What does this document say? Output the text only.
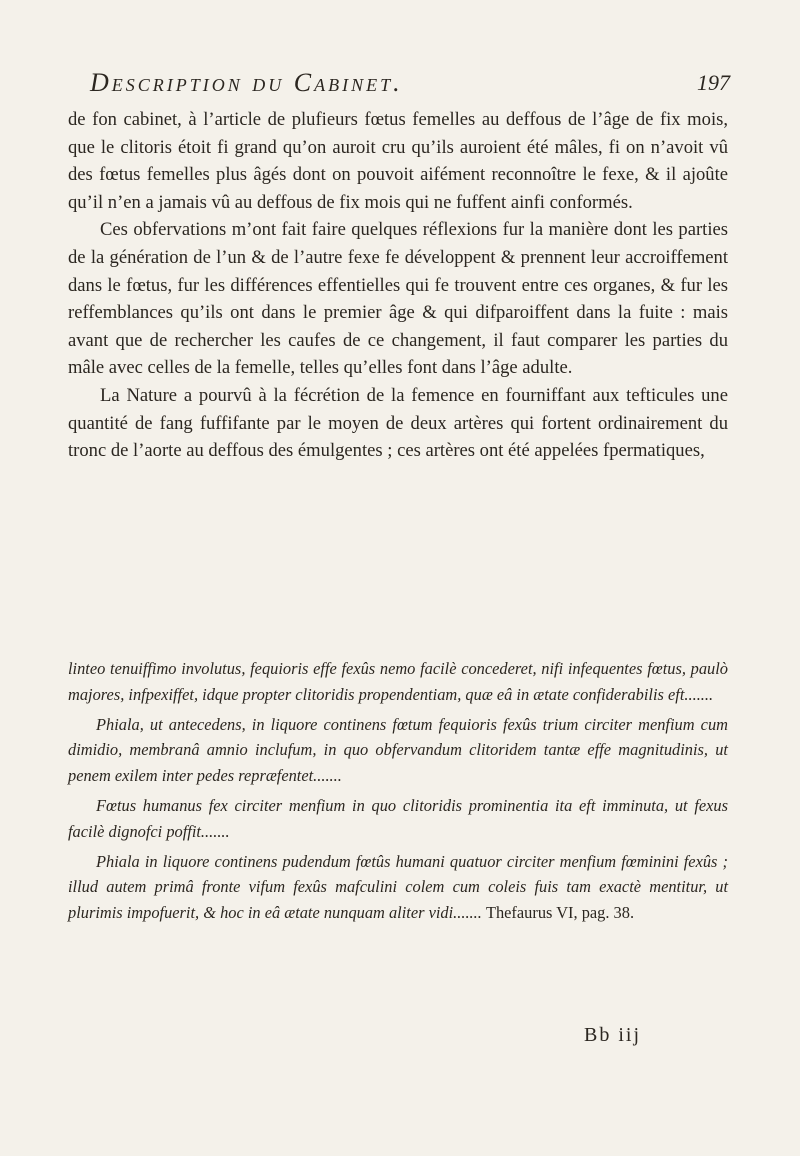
Description du Cabinet.	197

de fon cabinet, à l’article de plufieurs fœtus femelles au deffous de l’âge de fix mois, que le clitoris étoit fi grand qu’on auroit cru qu’ils auroient été mâles, fi on n’avoit vû des fœtus femelles plus âgés dont on pouvoit aifément reconnoître le fexe, & il ajoûte qu’il n’en a jamais vû au deffous de fix mois qui ne fuffent ainfi conformés.

Ces obfervations m’ont fait faire quelques réflexions fur la manière dont les parties de la génération de l’un & de l’autre fexe fe développent & prennent leur accroiffement dans le fœtus, fur les différences effentielles qui fe trouvent entre ces organes, & fur les reffemblances qu’ils ont dans le premier âge & qui difparoiffent dans la fuite : mais avant que de rechercher les caufes de ce changement, il faut comparer les parties du mâle avec celles de la femelle, telles qu’elles font dans l’âge adulte.

La Nature a pourvû à la fécrétion de la femence en fourniffant aux tefticules une quantité de fang fuffifante par le moyen de deux artères qui fortent ordinairement du tronc de l’aorte au deffous des émulgentes ; ces artères ont été appelées fpermatiques,

linteo tenuiffimo involutus, fequioris effe fexûs nemo facilè concederet, nifi infequentes fœtus, paulò majores, infpexiffet, idque propter clitoridis propendentiam, quæ eâ in ætate confiderabilis eft.......

Phiala, ut antecedens, in liquore continens fœtum fequioris fexûs trium circiter menfium cum dimidio, membranâ amnio inclufum, in quo obfervandum clitoridem tantæ effe magnitudinis, ut penem exilem inter pedes repræfentet.......

Fœtus humanus fex circiter menfium in quo clitoridis prominentia ita eft imminuta, ut fexus facilè dignofci poffit.......

Phiala in liquore continens pudendum fœtûs humani quatuor circiter menfium fœminini fexûs ; illud autem primâ fronte vifum fexûs mafculini colem cum coleis fuis tam exactè mentitur, ut plurimis impofuerit, & hoc in eâ ætate nunquam aliter vidi....... Thefaurus VI, pag. 38.

Bb iij
